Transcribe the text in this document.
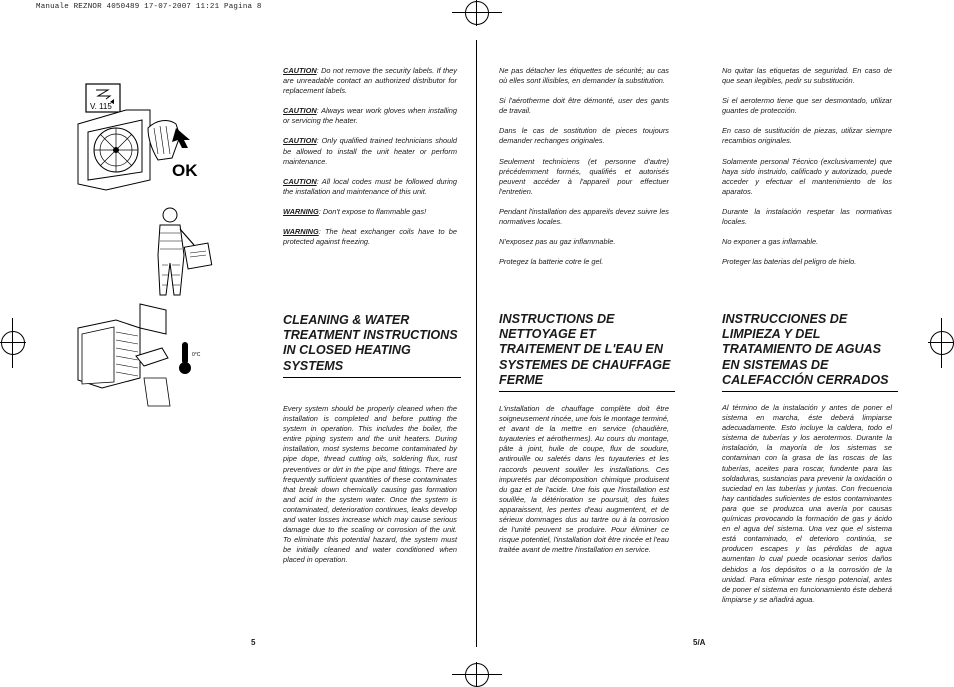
Manuale REZNOR 4050489 17-07-2007 11:21 Pagina 8
V. 115
OK
0°C

CAUTION: Do not remove the security labels. If they are unreadable contact an authorized distributor for replacement labels.

CAUTION: Always wear work gloves when installing or servicing the heater.

CAUTION: Only qualified trained technicians should be allowed to install the unit heater or perform maintenance.

CAUTION: All local codes must be followed during the installation and maintenance of this unit.

WARNING: Don't expose to flammable gas!

WARNING: The heat exchanger coils have to be protected against freezing.

CLEANING & WATER TREATMENT INSTRUCTIONS IN CLOSED HEATING SYSTEMS

Every system should be properly cleaned when the installation is completed and before putting the system in operation. This includes the boiler, the entire piping system and the unit heaters. During installation, most systems become contaminated by pipe dope, thread cutting oils, soldering flux, rust preventives or dirt in the pipe and fittings. There are frequently sufficient quantities of these contaminates that break down chemically causing gas formation and acid in the system water. Once the system is contaminated, deterioration continues, leaks develop and water losses increase which may cause serious damage due to the scaling or corrosion of the unit. To eliminate this potential hazard, the system must be initially cleaned and water conditioned when placed in operation.

Ne pas détacher les étiquettes de sécurité; au cas où elles sont illisibles, en demander la substitution.

Si l'aérotherme doit être démonté, user des gants de travail.

Dans le cas de sostitution de pieces toujours demander rechanges originales.

Seulement techniciens (et personne d'autre) précédemment formés, qualifiés et autorisés peuvent accéder à l'appareil pour effectuer l'entretien.

Pendant l'installation des appareils devez suivre les normatives locales.

N'exposez pas au gaz inflammable.

Protegez la batterie cotre le gel.

INSTRUCTIONS DE NETTOYAGE ET TRAITEMENT DE L'EAU EN SYSTEMES DE CHAUFFAGE FERME

L'installation de chauffage complète doit être soigneusement rincée, une fois le montage terminé, et avant de la mettre en service (chaudière, tuyauteries et aérothermes). Au cours du montage, pâte à joint, huile de coupe, flux de soudure, antirouille ou saletés dans les tuyauteries et les raccords peuvent souiller les installations. Ces impuretés par décomposition chimique produisent du gaz et de l'acide. Une fois que l'installation est souillée, la détérioration se poursuit, des fuites apparaissent, les pertes d'eau augmentent, et de sérieux dommages dus au tartre ou à la corrosion de l'unité peuvent se produire. Pour éliminer ce risque potentiel, l'installation doit être rincée et l'eau traitée avant de mettre l'installation en service.

No quitar las etiquetas de seguridad. En caso de que sean ilegibles, pedir su substitución.

Si el aerotermo tiene que ser desmontado, utilizar guantes de protección.

En caso de sustitución de piezas, utilizar siempre recambios originales.

Solamente personal Técnico (exclusivamente) que haya sido instruido, calificado y autorizado, puede acceder y efectuar el mantenimiento de los aparatos.

Durante la instalación respetar las normativas locales.

No exponer a gas inflamable.

Proteger las baterias del peligro de hielo.

INSTRUCCIONES DE LIMPIEZA Y DEL TRATAMIENTO DE AGUAS EN SISTEMAS DE CALEFACCIÓN CERRADOS

Al término de la instalación y antes de poner el sistema en marcha, éste deberá limpiarse adecuadamente. Esto incluye la caldera, todo el sistema de tuberías y los aerotermos. Durante la instalación, la mayoría de los sistemas se contaminan con la grasa de las roscas de las tuberías, aceites para roscar, fundente para las soldaduras, sustancias para prevenir la oxidación o suciedad en las tuberías y juntas. Con frecuencia hay cantidades suficientes de estos contaminantes para que se produzca una avería por causas químicas provocando la formación de gas y ácido en el agua del sistema. Una vez que el sistema está contaminado, el deterioro continúa, se producen escapes y las pérdidas de agua aumentan lo cual puede ocasionar serios daños debidos a los depósitos o a la corrosión de la unidad. Para eliminar este riesgo potencial, antes de poner el sistema en funcionamiento éste deberá limpiarse y se añadirá agua.

5	5/A
